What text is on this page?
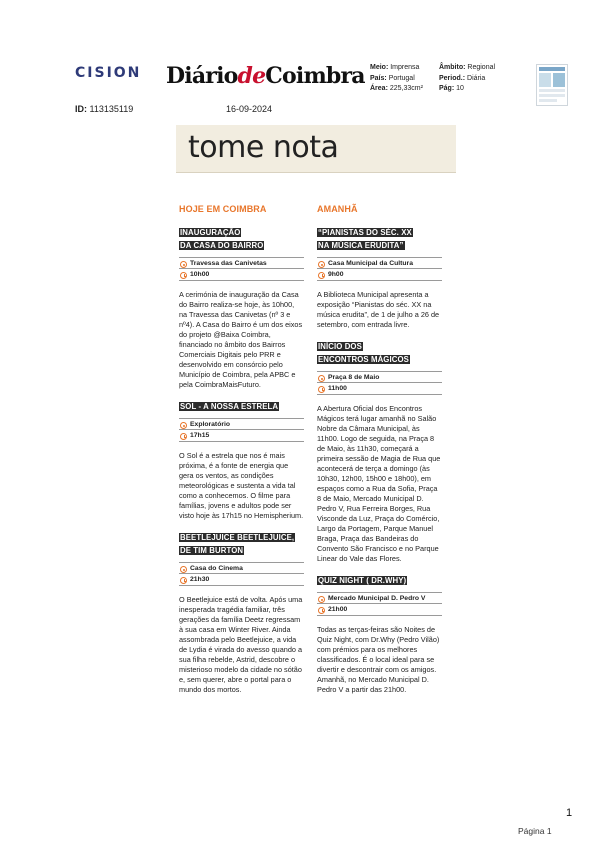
CISION DiáriodeCoimbra Meio: Imprensa
País: Portugal
Área: 225,33cm²
Âmbito: Regional
Period.: Diária
Pág: 10
ID: 113135119	16-09-2024
tome nota
HOJE EM COIMBRA
INAUGURAÇÃO
DA CASA DO BAIRRO
Travessa das Canivetas
10h00

A cerimónia de inauguração da Casa do Bairro realiza-se hoje, às 10h00, na Travessa das Canivetas (nº 3 e nº4). A Casa do Bairro é um dos eixos do projeto @Baixa Coimbra, financiado no âmbito dos Bairros Comerciais Digitais pelo PRR e desenvolvido em consórcio pelo Município de Coimbra, pela APBC e pela CoimbraMaisFuturo.

SOL - A NOSSA ESTRELA
Exploratório
17h15

O Sol é a estrela que nos é mais próxima, é a fonte de energia que gera os ventos, as condições meteorológicas e sustenta a vida tal como a conhecemos. O filme para famílias, jovens e adultos pode ser visto hoje às 17h15 no Hemispherium.

BEETLEJUICE BEETLEJUICE,
DE TIM BURTON
Casa do Cinema
21h30

O Beetlejuice está de volta. Após uma inesperada tragédia familiar, três gerações da família Deetz regressam à sua casa em Winter River. Ainda assombrada pelo Beetlejuice, a vida de Lydia é virada do avesso quando a sua filha rebelde, Astrid, descobre o misterioso modelo da cidade no sótão e, sem querer, abre o portal para o mundo dos mortos.

AMANHÃ
“PIANISTAS DO SÉC. XX
NA MÚSICA ERUDITA”
Casa Municipal da Cultura
9h00

A Biblioteca Municipal apresenta a exposição “Pianistas do séc. XX na música erudita”, de 1 de julho a 26 de setembro, com entrada livre.

INÍCIO DOS
ENCONTROS MÁGICOS
Praça 8 de Maio
11h00

A Abertura Oficial dos Encontros Mágicos terá lugar amanhã no Salão Nobre da Câmara Municipal, às 11h00. Logo de seguida, na Praça 8 de Maio, às 11h30, começará a primeira sessão de Magia de Rua que acontecerá de terça a domingo (às 10h30, 12h00, 15h00 e 18h00), em espaços como a Rua da Sofia, Praça 8 de Maio, Mercado Municipal D. Pedro V, Rua Ferreira Borges, Rua Visconde da Luz, Praça do Comércio, Largo da Portagem, Parque Manuel Braga, Praça das Bandeiras do Convento São Francisco e no Parque Linear do Vale das Flores.

QUIZ NIGHT ( DR.WHY)
Mercado Municipal D. Pedro V
21h00

Todas as terças-feiras são Noites de Quiz Night, com Dr.Why (Pedro Vilão) com prémios para os melhores classificados. É o local ideal para se divertir e descontrair com os amigos. Amanhã, no Mercado Municipal D. Pedro V a partir das 21h00.

1
Página 1
